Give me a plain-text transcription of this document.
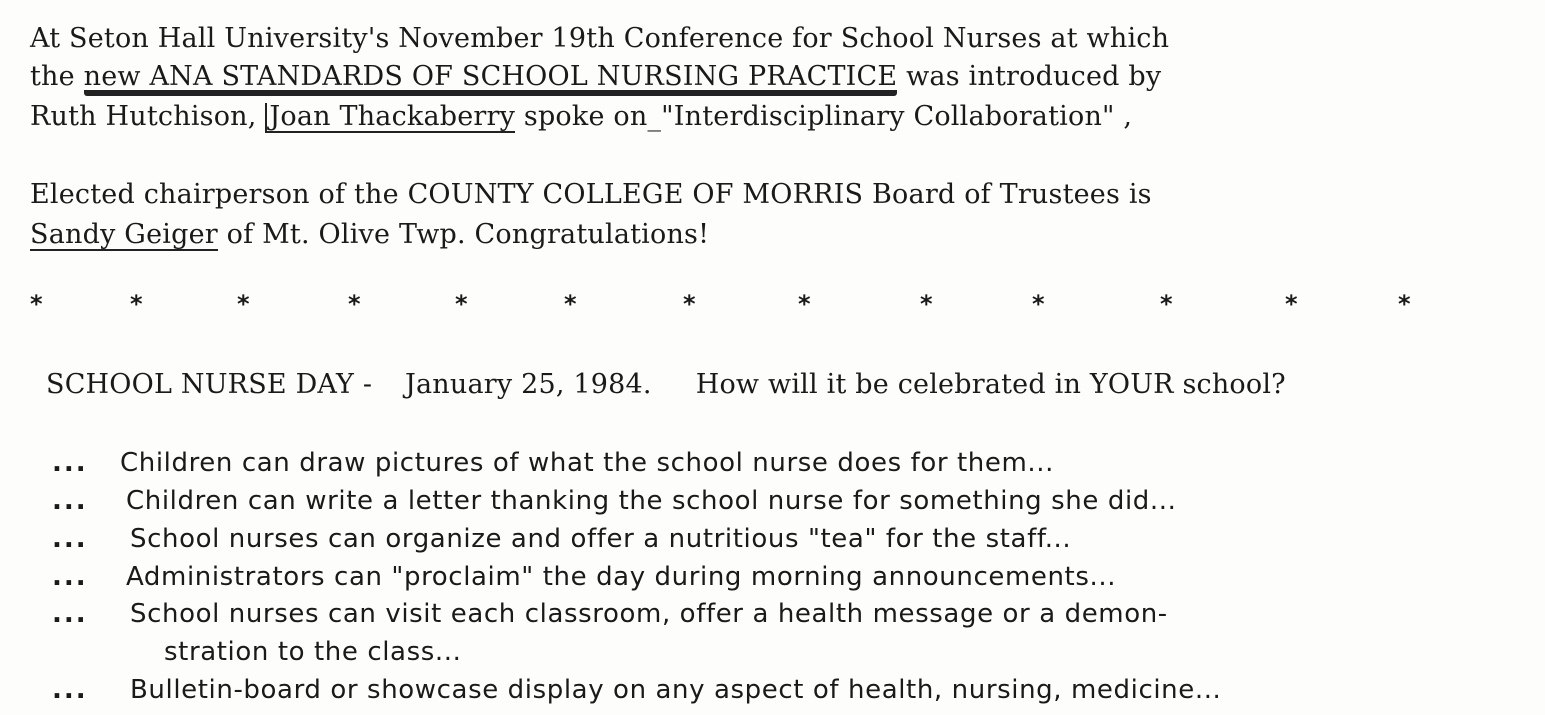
At Seton Hall University's November 19th Conference for School Nurses at which
the new ANA STANDARDS OF SCHOOL NURSING PRACTICE was introduced by
Ruth Hutchison, Joan Thackaberry spoke on_"Interdisciplinary Collaboration" ,
Elected chairperson of the COUNTY COLLEGE OF MORRIS Board of Trustees is
Sandy Geiger of Mt. Olive Twp. Congratulations!
*	*	*	*	*	*	*	*	*	*	*	*	*
SCHOOL NURSE DAY - January 25, 1984. How will it be celebrated in YOUR school?
... Children can draw pictures of what the school nurse does for them...
... Children can write a letter thanking the school nurse for something she did...
... School nurses can organize and offer a nutritious "tea" for the staff...
... Administrators can "proclaim" the day during morning announcements...
... School nurses can visit each classroom, offer a health message or a demon-
stration to the class...
... Bulletin-board or showcase display on any aspect of health, nursing, medicine...
